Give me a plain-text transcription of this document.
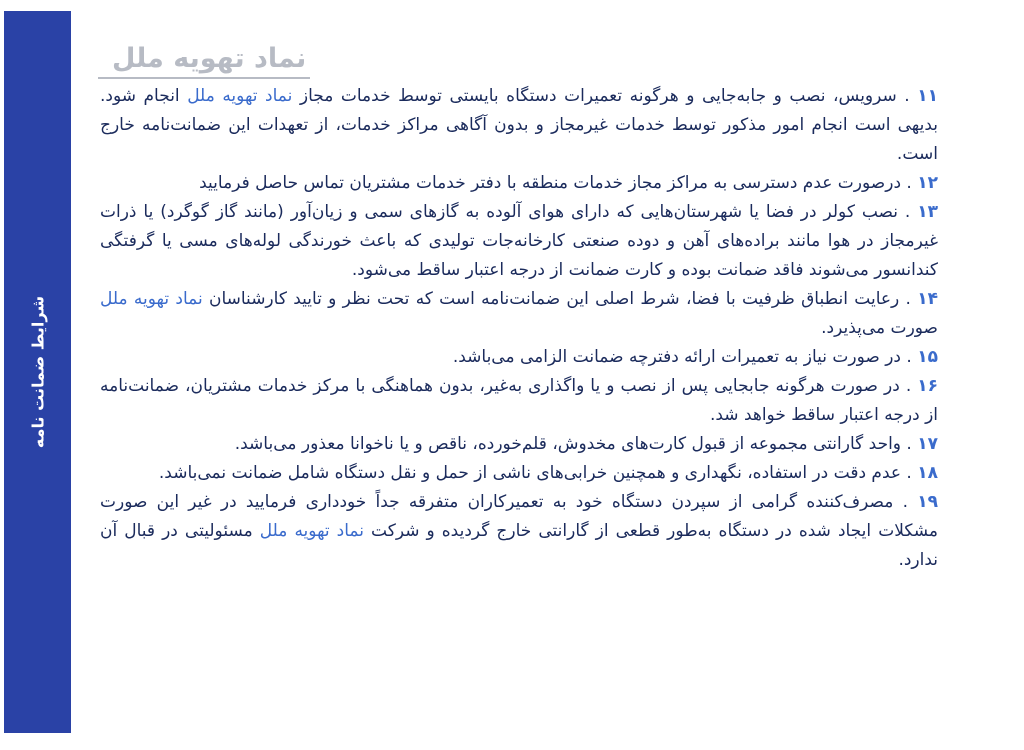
شرایط ضمانت نامه
نماد تهویه ملل
۱۱ . سرویس، نصب و جابه‌جایی و هرگونه تعمیرات دستگاه بایستی توسط خدمات مجاز نماد تهویه ملل انجام شود. بدیهی است انجام امور مذکور توسط خدمات غیرمجاز و بدون آگاهی مراکز خدمات، از تعهدات این ضمانت‌نامه خارج است.
۱۲ . درصورت عدم دسترسی به مراکز مجاز خدمات منطقه با دفتر خدمات مشتریان تماس حاصل فرمایید
۱۳ . نصب کولر در فضا یا شهرستان‌هایی که دارای هوای آلوده به گازهای سمی و زیان‌آور (مانند گاز گوگرد) یا ذرات غیرمجاز در هوا مانند براده‌های آهن و دوده صنعتی کارخانه‌جات تولیدی که باعث خورندگی لوله‌های مسی یا گرفتگی کندانسور می‌شوند فاقد ضمانت بوده و کارت ضمانت از درجه اعتبار ساقط می‌شود.
۱۴ . رعایت انطباق ظرفیت با فضا، شرط اصلی این ضمانت‌نامه است که تحت نظر و تایید کارشناسان نماد تهویه ملل صورت می‌پذیرد.
۱۵ . در صورت نیاز به تعمیرات ارائه دفترچه ضمانت الزامی می‌باشد.
۱۶ . در صورت هرگونه جابجایی پس از نصب و یا واگذاری به‌غیر، بدون هماهنگی با مرکز خدمات مشتریان، ضمانت‌نامه از درجه اعتبار ساقط خواهد شد.
۱۷ . واحد گارانتی مجموعه از قبول کارت‌های مخدوش، قلم‌خورده، ناقص و یا ناخوانا معذور می‌باشد.
۱۸ . عدم دقت در استفاده، نگهداری و همچنین خرابی‌های ناشی از حمل و نقل دستگاه شامل ضمانت نمی‌باشد.
۱۹ . مصرف‌کننده گرامی از سپردن دستگاه خود به تعمیرکاران متفرقه جداً خودداری فرمایید در غیر این صورت مشکلات ایجاد شده در دستگاه به‌طور قطعی از گارانتی خارج گردیده و شرکت نماد تهویه ملل مسئولیتی در قبال آن ندارد.
